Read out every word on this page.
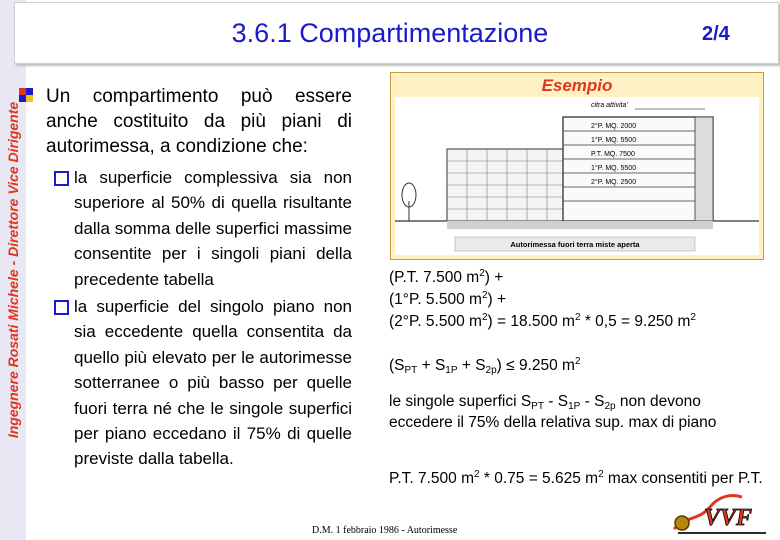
Ingegnere Rosati Michele - Direttore Vice Dirigente
3.6.1 Compartimentazione	2/4
Un compartimento può essere anche costituito da più piani di autorimessa, a condizione che:
la superficie complessiva sia non superiore al 50% di quella risultante dalla somma delle superfici massime consentite per i singoli piani della precedente tabella
la superficie del singolo piano non sia eccedente quella consentita da quello più elevato per le autorimesse sotterranee o più basso per quelle fuori terra né che le singole superfici per piano eccedano il 75% di quelle previste dalla tabella.
Esempio
citra attivita'
2°P. MQ. 2000
1°P. MQ. 5500
P.T. MQ. 7500
1°P. MQ. 5500
2°P. MQ. 2500
Autorimessa fuori terra miste aperta
(P.T. 7.500 $m^2$) +
(1°P. 5.500 $m^2$) +
(2°P. 5.500 $m^2) = 18.500$ $m^2 * 0,5 = 9.250$ $m^2$
$(S_{PT} + S_{1P} + S_{2p}) \le 9.250$ $m^2$
le singole superfici $S_{PT} - S_{1P} - S_{2p}$ non devono eccedere il 75% della relativa sup. max di piano
P.T. 7.500 $m^2 * 0.75 = 5.625$ $m^2$ max consentiti per P.T.
D.M. 1 febbraio 1986 - Autorimesse	VVF
